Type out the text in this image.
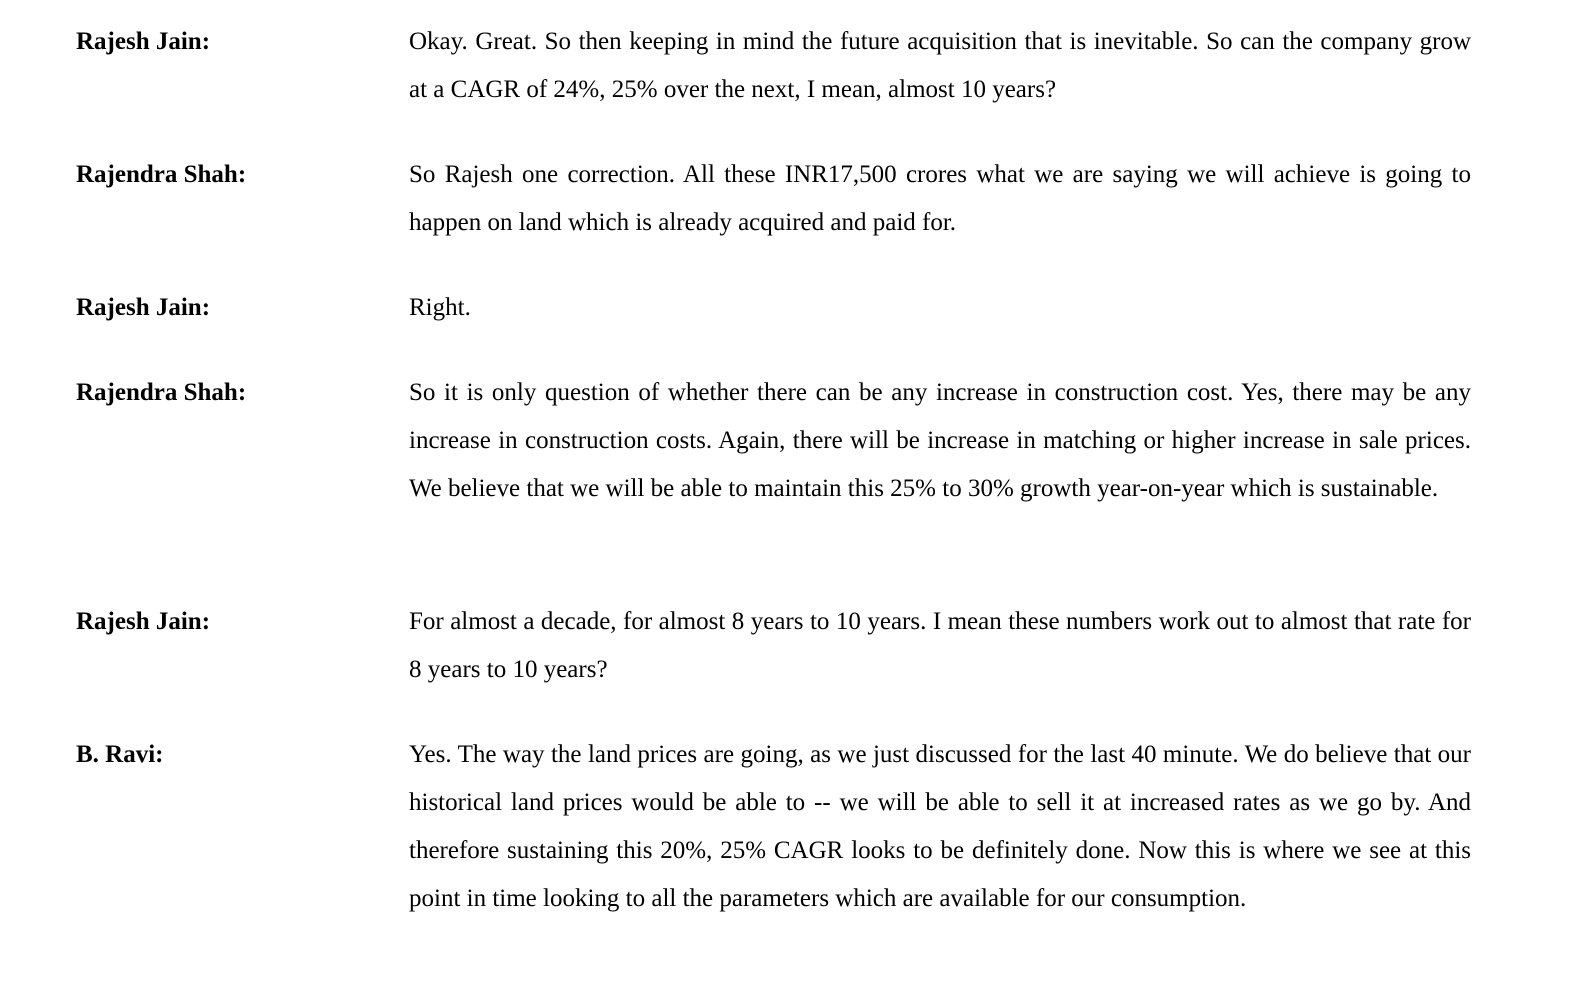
Rajesh Jain:	Okay. Great. So then keeping in mind the future acquisition that is inevitable. So can the company grow at a CAGR of 24%, 25% over the next, I mean, almost 10 years?
Rajendra Shah:	So Rajesh one correction. All these INR17,500 crores what we are saying we will achieve is going to happen on land which is already acquired and paid for.
Rajesh Jain:	Right.
Rajendra Shah:	So it is only question of whether there can be any increase in construction cost. Yes, there may be any increase in construction costs. Again, there will be increase in matching or higher increase in sale prices. We believe that we will be able to maintain this 25% to 30% growth year-on-year which is sustainable.
Rajesh Jain:	For almost a decade, for almost 8 years to 10 years. I mean these numbers work out to almost that rate for 8 years to 10 years?
B. Ravi:	Yes. The way the land prices are going, as we just discussed for the last 40 minute. We do believe that our historical land prices would be able to -- we will be able to sell it at increased rates as we go by. And therefore sustaining this 20%, 25% CAGR looks to be definitely done. Now this is where we see at this point in time looking to all the parameters which are available for our consumption.
